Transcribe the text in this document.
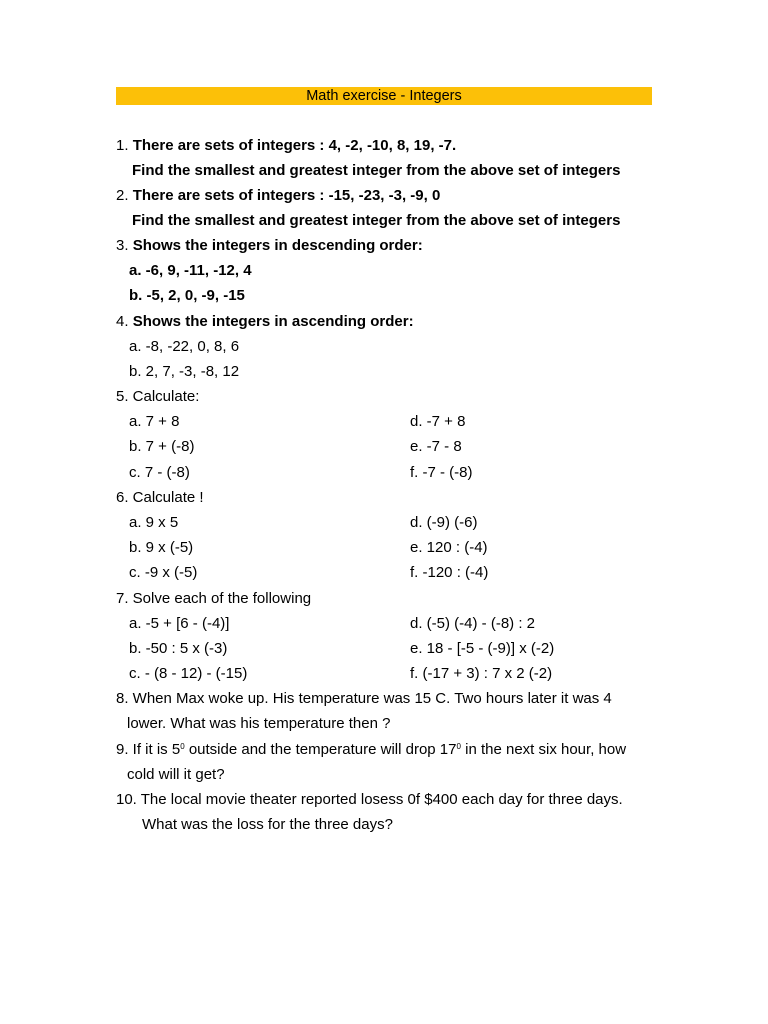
Math exercise - Integers
1. There are sets of integers : 4, -2, -10, 8, 19, -7.
Find the smallest and greatest integer from the above set of integers
2. There are sets of integers : -15, -23, -3, -9, 0
Find the smallest and greatest integer from the above set of integers
3. Shows the integers in descending order:
a. -6, 9, -11, -12, 4
b. -5, 2, 0, -9, -15
4. Shows the integers in ascending order:
a. -8, -22, 0, 8, 6
b. 2, 7, -3, -8, 12
5. Calculate:
a. 7 + 8
b. 7 + (-8)
c. 7 - (-8)
d. -7 + 8
e. -7 - 8
f. -7 - (-8)
6. Calculate !
a. 9 x 5
b. 9 x (-5)
c. -9 x (-5)
d. (-9) (-6)
e. 120 : (-4)
f. -120 : (-4)
7. Solve each of the following
a. -5 + [6 - (-4)]
b. -50 : 5 x (-3)
c. - (8 - 12) - (-15)
d. (-5) (-4) - (-8) : 2
e. 18 - [-5 - (-9)] x (-2)
f. (-17 + 3) : 7 x 2 (-2)
8. When Max woke up. His temperature was 15 C. Two hours later it was 4
lower. What was his temperature then ?
9. If it is $5^0$ outside and the temperature will drop $17^0$ in the next six hour, how
cold will it get?
10. The local movie theater reported losess 0f $400 each day for three days.
What was the loss for the three days?
